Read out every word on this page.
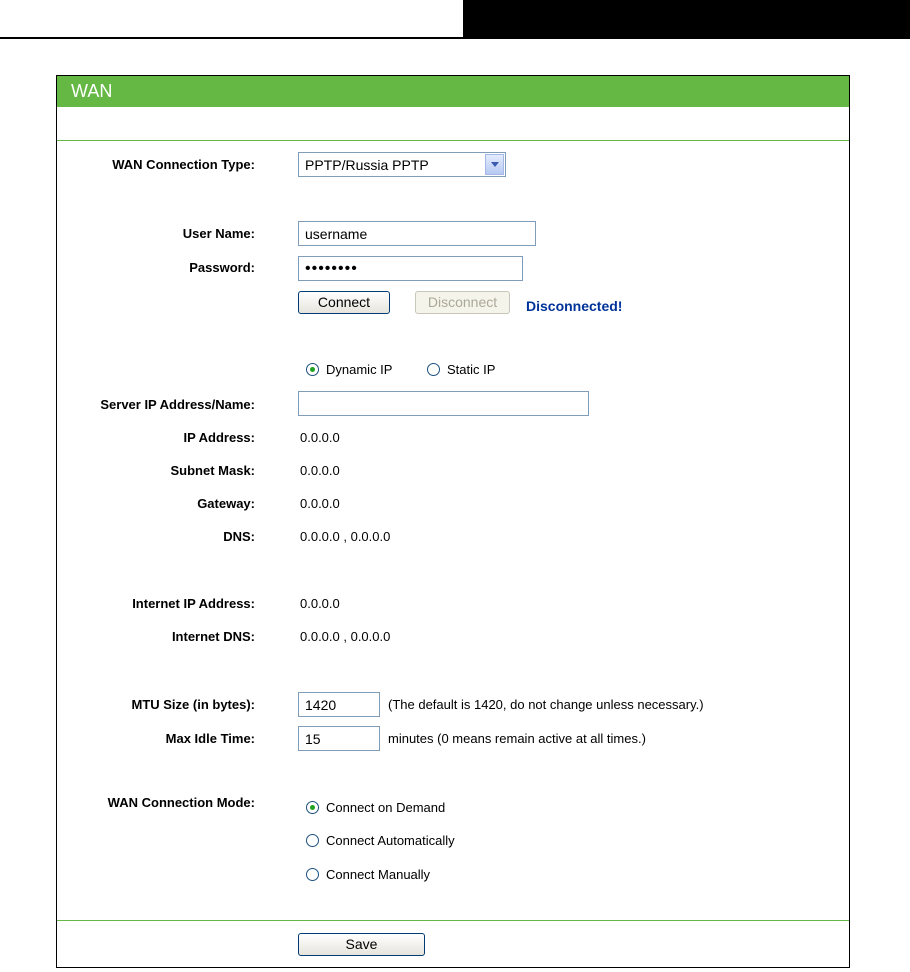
WAN
WAN Connection Type:	PPTP/Russia PPTP
User Name:
username
Password:
Connect	Disconnect	Disconnected!
Dynamic IP	Static IP
Server IP Address/Name:
IP Address:	0.0.0.0
Subnet Mask:	0.0.0.0
Gateway:	0.0.0.0
DNS:	0.0.0.0 , 0.0.0.0
Internet IP Address:	0.0.0.0
Internet DNS:	0.0.0.0 , 0.0.0.0
MTU Size (in bytes):
1420	(The default is 1420, do not change unless necessary.)
Max Idle Time:
15	minutes (0 means remain active at all times.)
WAN Connection Mode:	Connect on Demand
Connect Automatically
Connect Manually
Save
